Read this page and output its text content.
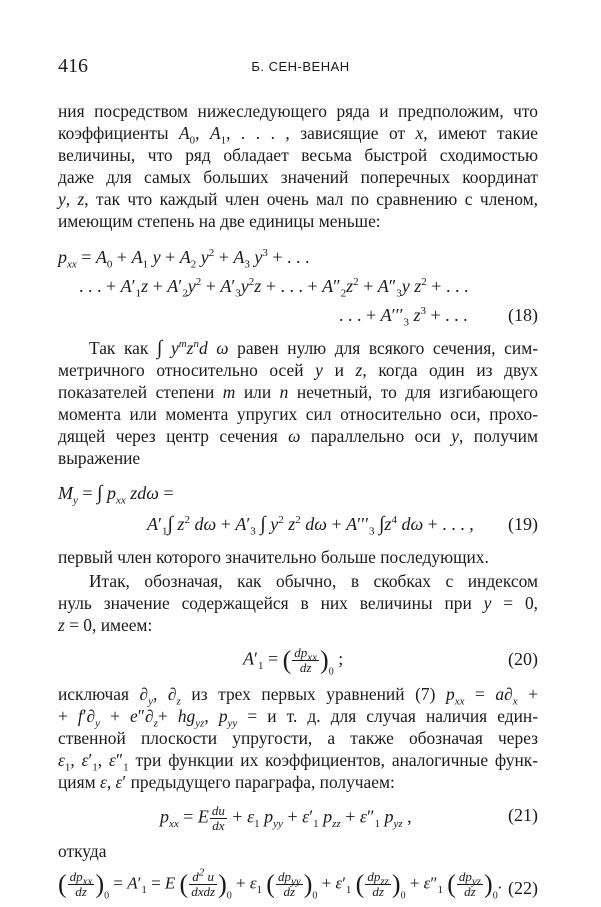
416	Б. СЕН-ВЕНАН
ния посредством нижеследующего ряда и предположим, что
коэффициенты $A_0$, $A_1$, . . . , зависящие от x, имеют такие
величины, что ряд обладает весьма быстрой сходимостью
даже для самых больших значений поперечных координат
y, z, так что каждый член очень мал по сравнению с членом,
имеющим степень на две единицы меньше:
$p_{xx} = A_0 + A_1$ $y + A_2$ $y^2 + A_3$ $y^3$ + . . .
. . . + $A'_1z + A'_2y^2 + A'_3y^2z$ + . . . + $A''_2z^2 + A''_3y$ $z^2$ + . . .
. . . + $A'''_3$ $z^3$ + . . . (18)
Так как ∫ $y^mz^nd$ ω равен нулю для всякого сечения, сим-
метричного относительно осей y и z, когда один из двух
показателей степени m или n нечетный, то для изгибающего
момента или момента упругих сил относительно оси, прохо-
дящей через центр сечения ω параллельно оси y, получим
выражение
$M_y$ = ∫ $p_{xx}$ zdω =
$A'_1\int$ $z^2$ $d\omega + A'_3$ ∫ $y^2$ $z^2$ $d\omega + A'''_3$ $\int z^4$ dω + . . . , (19)
первый член которого значительно больше последующих.
Итак, обозначая, как обычно, в скобках с индексом
нуль значение содержащейся в них величины при y = 0,
z = 0, имеем:
$A'_1$ = ( $\frac{dp_{xx}}{dz} )_0$ ;	(20)
исключая $\partial_y$, $\partial_z$ из трех первых уравнений (7) $p_{xx} = a\partial_x$ +
+ $f'\partial_y + e''\partial_z+ hg_{yz}$, $p_{yy} = и$ т. д. для случая наличия един-
ственной плоскости упругости, а также обозначая через
$\varepsilon_1$, $\varepsilon'_1$, $\varepsilon''_1$ три функции их коэффициентов, аналогичные функ-
циям ε, ε′ предыдущего параграфа, получаем:
$p_{xx} = E \frac{du}{dx} + \varepsilon_1$ $p_{yy} + \varepsilon'_1$ $p_{zz} + \varepsilon''_1$ $p_{yz}$ ,	(21)
откуда
( $\frac{dp_{xx}}{dz} )_0 = A'_1 = E$ ( $\frac{d^2 u}{\text{dxdz}} )_0 + \varepsilon_1$ ( $\frac{dp_{yy}}{dz} )_0 + \varepsilon'_1$ ( $\frac{dp_{zz}}{dz} )_0 + \varepsilon''_1$ ( $\frac{dp_{yz}}{dz} )_0$. (22)
